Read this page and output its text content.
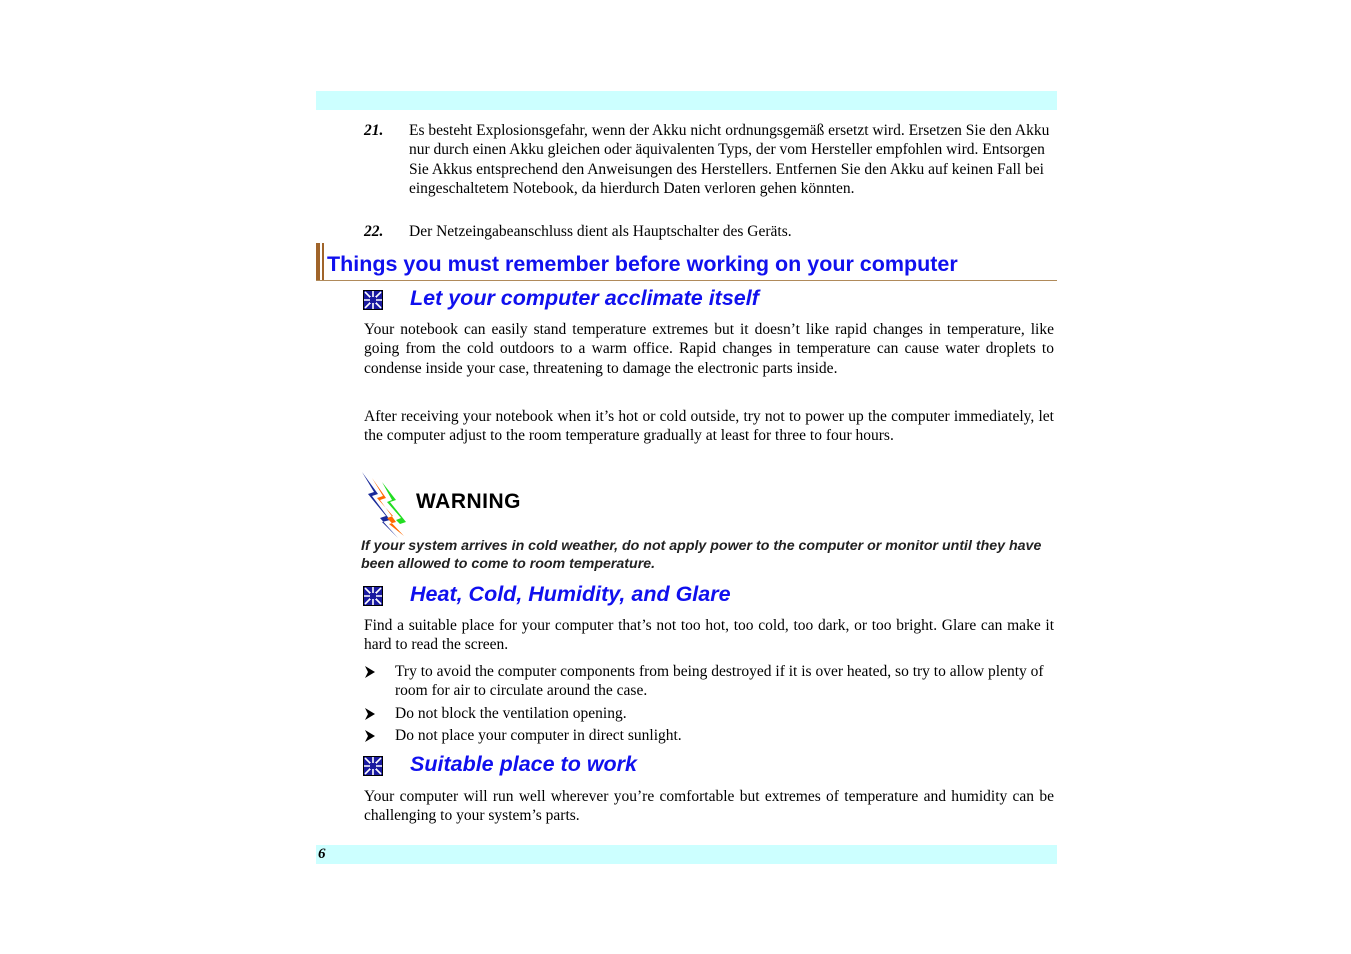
21. Es besteht Explosionsgefahr, wenn der Akku nicht ordnungsgemäß ersetzt wird. Ersetzen Sie den Akku nur durch einen Akku gleichen oder äquivalenten Typs, der vom Hersteller empfohlen wird. Entsorgen Sie Akkus entsprechend den Anweisungen des Herstellers. Entfernen Sie den Akku auf keinen Fall bei eingeschaltetem Notebook, da hierdurch Daten verloren gehen könnten.
22. Der Netzeingabeanschluss dient als Hauptschalter des Geräts.
Things you must remember before working on your computer
Let your computer acclimate itself
Your notebook can easily stand temperature extremes but it doesn’t like rapid changes in temperature, like going from the cold outdoors to a warm office. Rapid changes in temperature can cause water droplets to condense inside your case, threatening to damage the electronic parts inside.
After receiving your notebook when it’s hot or cold outside, try not to power up the computer immediately, let the computer adjust to the room temperature gradually at least for three to four hours.
WARNING
If your system arrives in cold weather, do not apply power to the computer or monitor until they have been allowed to come to room temperature.
Heat, Cold, Humidity, and Glare
Find a suitable place for your computer that’s not too hot, too cold, too dark, or too bright. Glare can make it hard to read the screen.
Try to avoid the computer components from being destroyed if it is over heated, so try to allow plenty of room for air to circulate around the case.
Do not block the ventilation opening.
Do not place your computer in direct sunlight.
Suitable place to work
Your computer will run well wherever you’re comfortable but extremes of temperature and humidity can be challenging to your system’s parts.
6
